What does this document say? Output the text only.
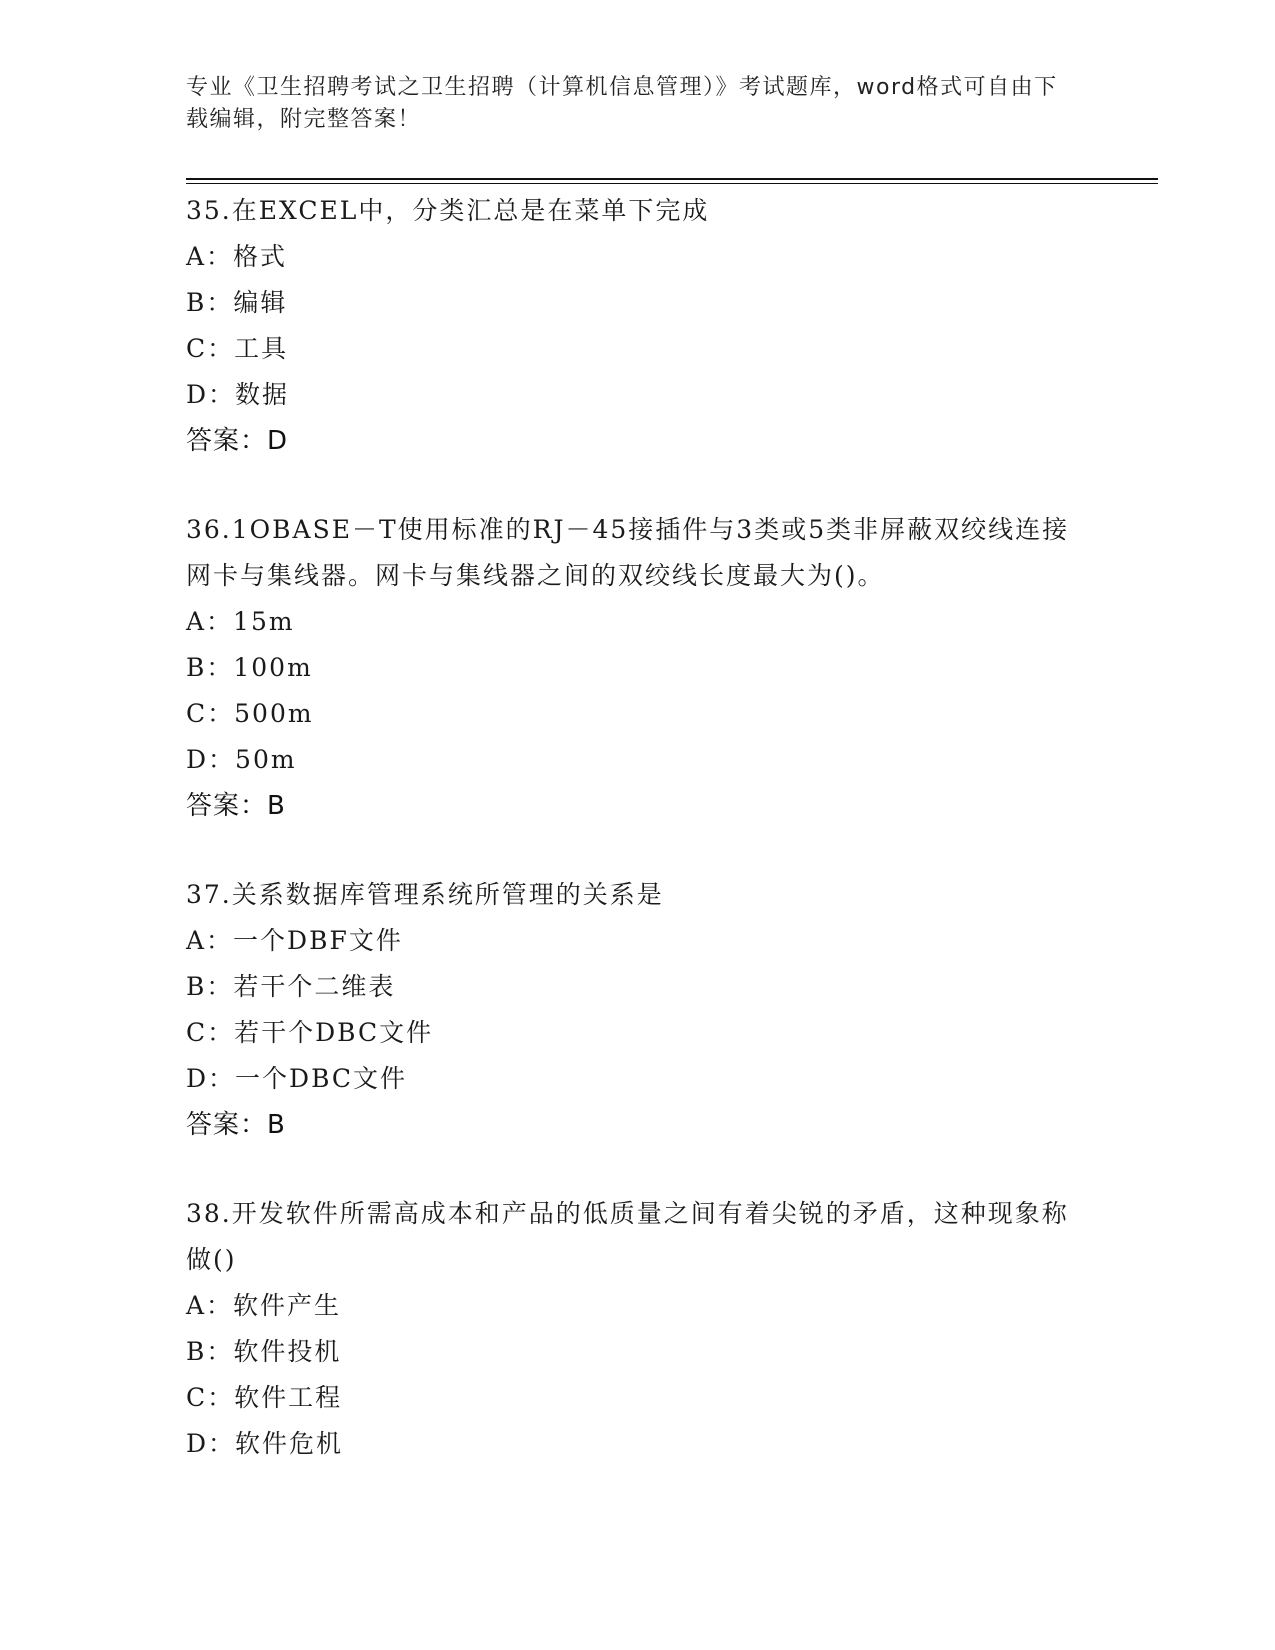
专业《卫生招聘考试之卫生招聘（计算机信息管理）》考试题库，word格式可自由下载编辑，附完整答案！

35.在EXCEL中，分类汇总是在菜单下完成

A：格式

B：编辑

C：工具

D：数据

答案：D

36.1OBASE－T使用标准的RJ－45接插件与3类或5类非屏蔽双绞线连接网卡与集线器。网卡与集线器之间的双绞线长度最大为()。

A：15m

B：100m

C：500m

D：50m

答案：B

37.关系数据库管理系统所管理的关系是

A：一个DBF文件

B：若干个二维表

C：若干个DBC文件

D：一个DBC文件

答案：B

38.开发软件所需高成本和产品的低质量之间有着尖锐的矛盾，这种现象称做()

A：软件产生

B：软件投机

C：软件工程

D：软件危机
